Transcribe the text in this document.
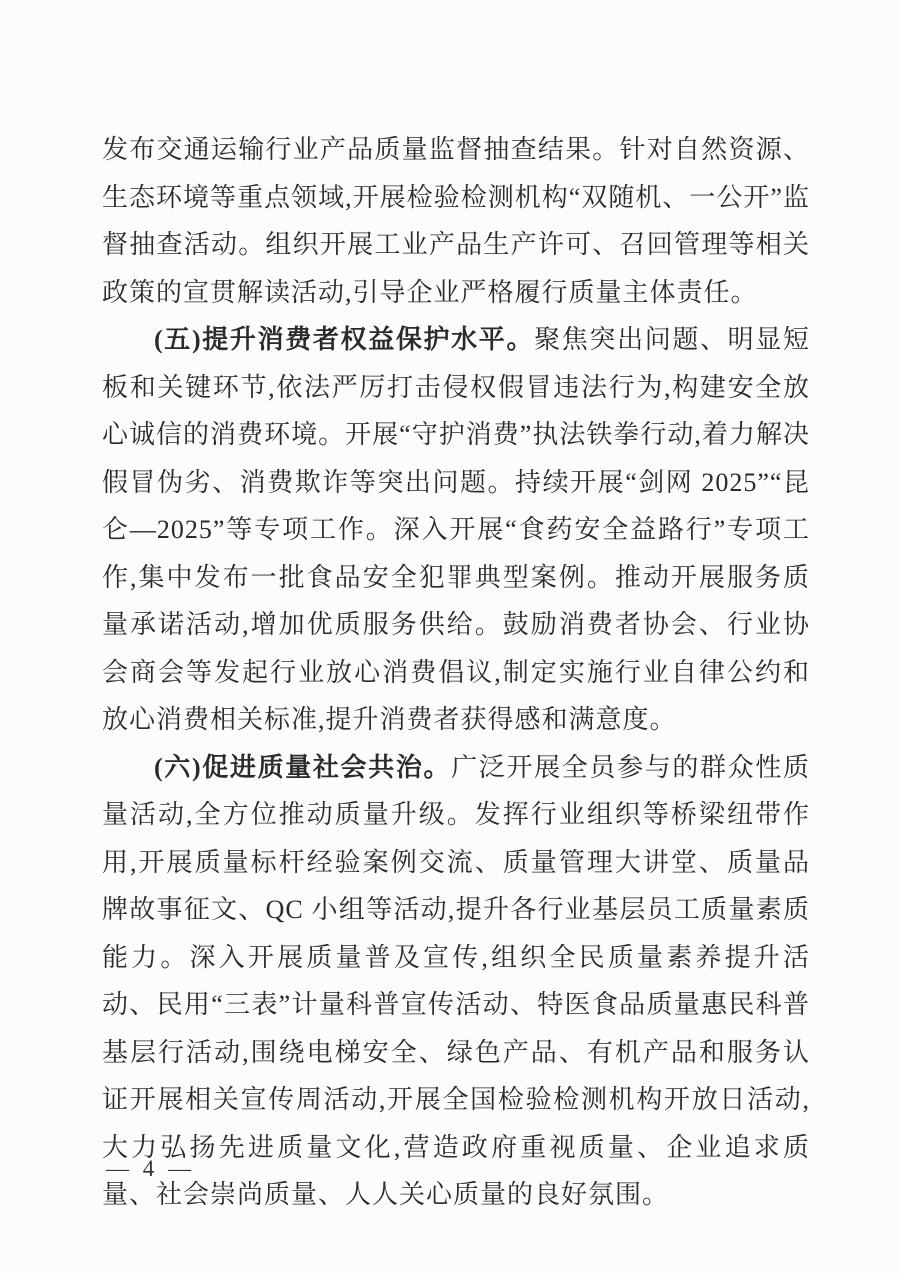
发布交通运输行业产品质量监督抽查结果。针对自然资源、生态环境等重点领域,开展检验检测机构“双随机、一公开”监督抽查活动。组织开展工业产品生产许可、召回管理等相关政策的宣贯解读活动,引导企业严格履行质量主体责任。

(五)提升消费者权益保护水平。聚焦突出问题、明显短板和关键环节,依法严厉打击侵权假冒违法行为,构建安全放心诚信的消费环境。开展“守护消费”执法铁拳行动,着力解决假冒伪劣、消费欺诈等突出问题。持续开展“剑网 2025”“昆仑—2025”等专项工作。深入开展“食药安全益路行”专项工作,集中发布一批食品安全犯罪典型案例。推动开展服务质量承诺活动,增加优质服务供给。鼓励消费者协会、行业协会商会等发起行业放心消费倡议,制定实施行业自律公约和放心消费相关标准,提升消费者获得感和满意度。

(六)促进质量社会共治。广泛开展全员参与的群众性质量活动,全方位推动质量升级。发挥行业组织等桥梁纽带作用,开展质量标杆经验案例交流、质量管理大讲堂、质量品牌故事征文、QC 小组等活动,提升各行业基层员工质量素质能力。深入开展质量普及宣传,组织全民质量素养提升活动、民用“三表”计量科普宣传活动、特医食品质量惠民科普基层行活动,围绕电梯安全、绿色产品、有机产品和服务认证开展相关宣传周活动,开展全国检验检测机构开放日活动,大力弘扬先进质量文化,营造政府重视质量、企业追求质量、社会崇尚质量、人人关心质量的良好氛围。

— 4 —
